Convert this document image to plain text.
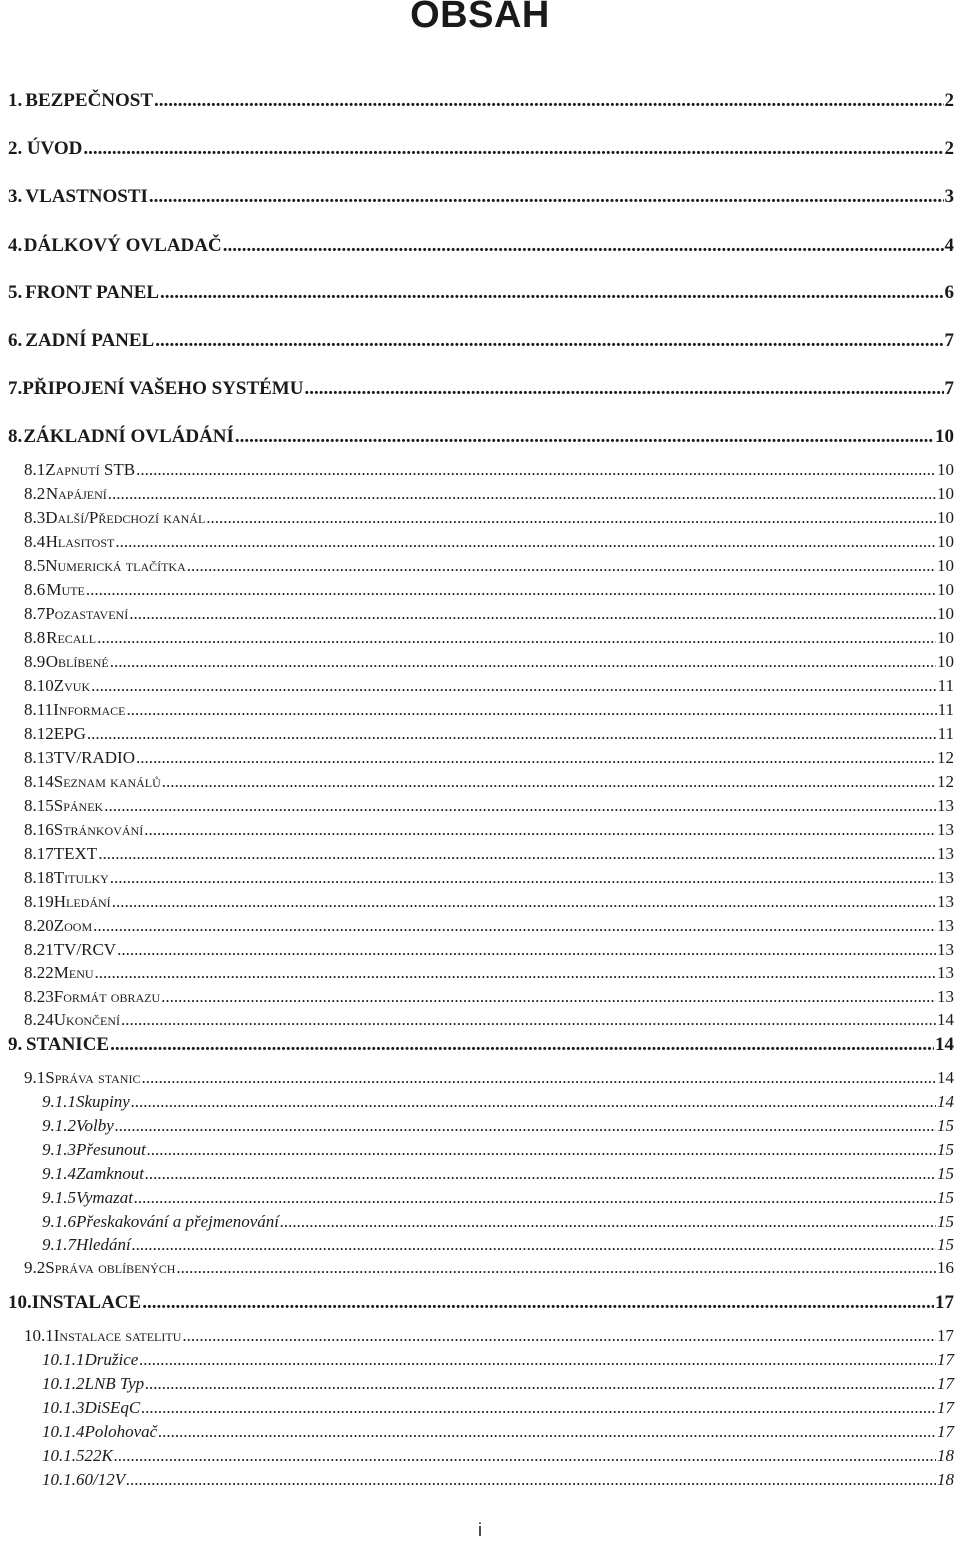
OBSAH
1. BEZPEČNOST .....	2
2. ÚVOD .....	2
3. VLASTNOSTI .....	3
4. DÁLKOVÝ OVLADAČ .....	4
5. FRONT PANEL .....	6
6. ZADNÍ PANEL .....	7
7. PŘIPOJENÍ VAŠEHO SYSTÉMU .....	7
8. ZÁKLADNÍ OVLÁDÁNÍ .....	10
8.1 Zapnutí STB .....	10
8.2 Napájení .....	10
8.3 Další/Předchozí kanál .....	10
8.4 Hlasitost .....	10
8.5 Numerická tlačítka .....	10
8.6 Mute .....	10
8.7 Pozastavení .....	10
8.8 Recall .....	10
8.9 Oblíbené .....	10
8.10 Zvuk .....	11
8.11 Informace .....	11
8.12 EPG .....	11
8.13 TV/RADIO .....	12
8.14 Seznam kanálů .....	12
8.15 Spánek .....	13
8.16 Stránkování .....	13
8.17 TEXT .....	13
8.18 Titulky .....	13
8.19 Hledání .....	13
8.20 Zoom .....	13
8.21 TV/RCV .....	13
8.22 Menu .....	13
8.23 Formát obrazu .....	13
8.24 Ukončení .....	14
9. STANICE .....	14
9.1 Správa stanic .....	14
9.1.1 Skupiny .....	14
9.1.2 Volby .....	15
9.1.3 Přesunout .....	15
9.1.4 Zamknout .....	15
9.1.5 Vymazat .....	15
9.1.6 Přeskakování a přejmenování .....	15
9.1.7 Hledání .....	15
9.2 Správa oblíbených .....	16
10. INSTALACE .....	17
10.1 Instalace satelitu .....	17
10.1.1 Družice .....	17
10.1.2 LNB Typ .....	17
10.1.3 DiSEqC .....	17
10.1.4 Polohovač .....	17
10.1.5 22K .....	18
10.1.6 0/12V .....	18
i
